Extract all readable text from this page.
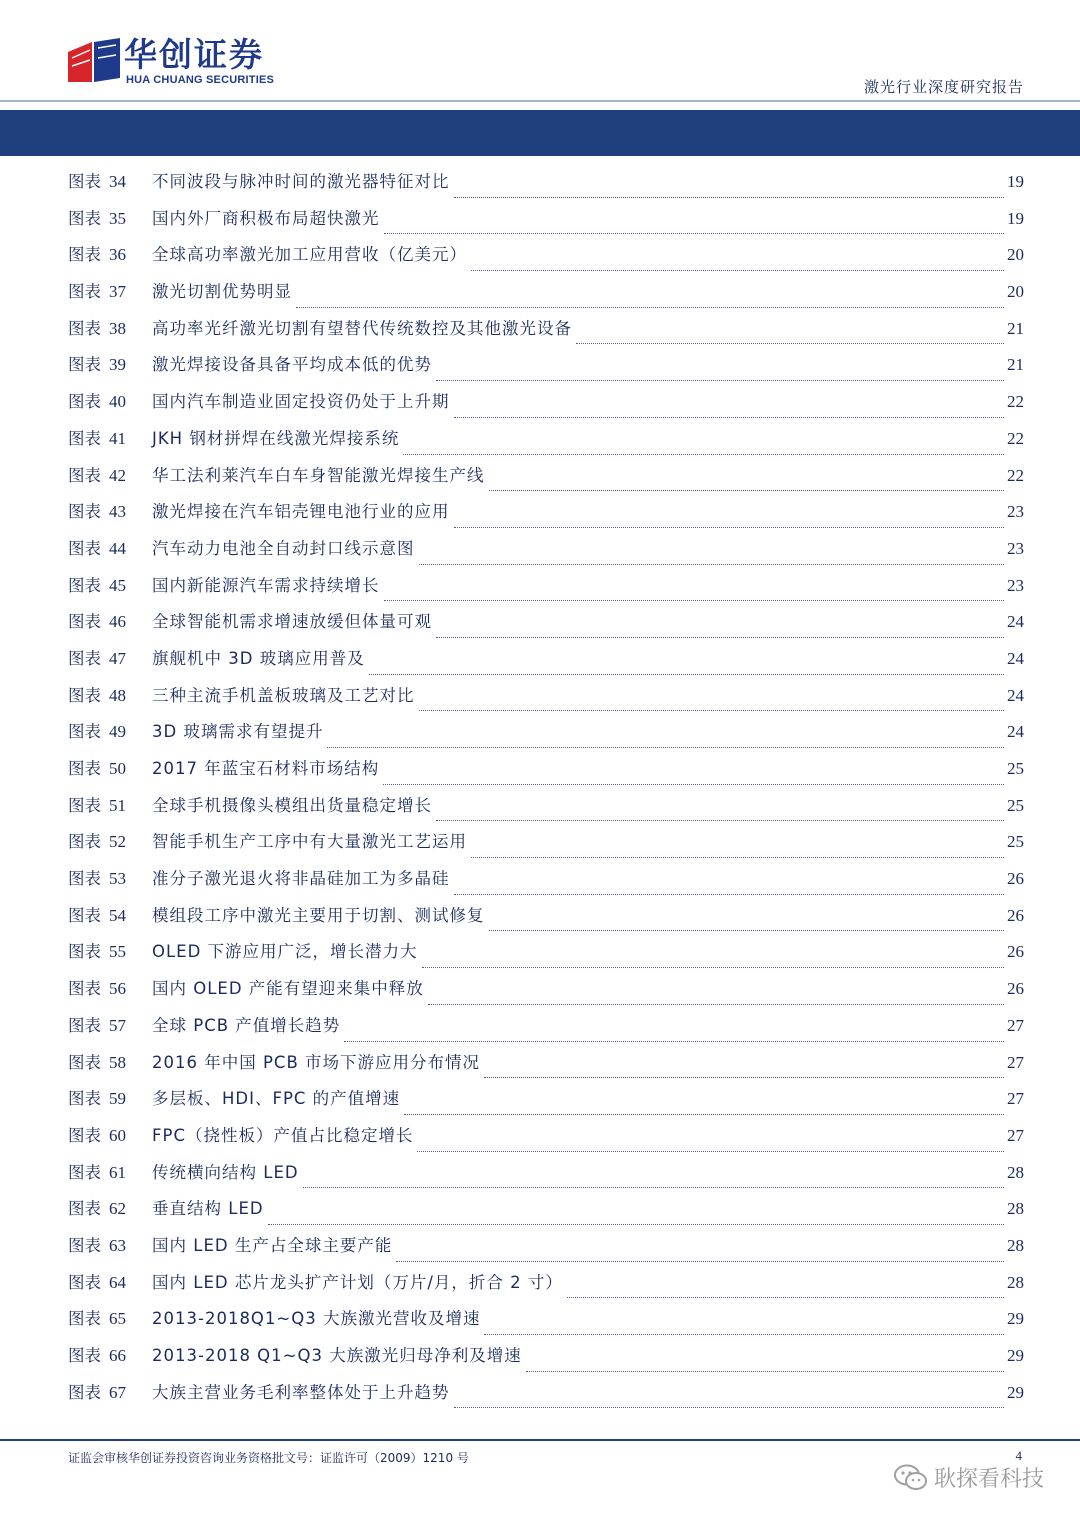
华创证券
HUA CHUANG SECURITIES	激光行业深度研究报告
图表 34	不同波段与脉冲时间的激光器特征对比	19
图表 35	国内外厂商积极布局超快激光	19
图表 36	全球高功率激光加工应用营收（亿美元）	20
图表 37	激光切割优势明显	20
图表 38	高功率光纤激光切割有望替代传统数控及其他激光设备	21
图表 39	激光焊接设备具备平均成本低的优势	21
图表 40	国内汽车制造业固定投资仍处于上升期	22
图表 41	JKH 钢材拼焊在线激光焊接系统	22
图表 42	华工法利莱汽车白车身智能激光焊接生产线	22
图表 43	激光焊接在汽车铝壳锂电池行业的应用	23
图表 44	汽车动力电池全自动封口线示意图	23
图表 45	国内新能源汽车需求持续增长	23
图表 46	全球智能机需求增速放缓但体量可观	24
图表 47	旗舰机中 3D 玻璃应用普及	24
图表 48	三种主流手机盖板玻璃及工艺对比	24
图表 49	3D 玻璃需求有望提升	24
图表 50	2017 年蓝宝石材料市场结构	25
图表 51	全球手机摄像头模组出货量稳定增长	25
图表 52	智能手机生产工序中有大量激光工艺运用	25
图表 53	准分子激光退火将非晶硅加工为多晶硅	26
图表 54	模组段工序中激光主要用于切割、测试修复	26
图表 55	OLED 下游应用广泛，增长潜力大	26
图表 56	国内 OLED 产能有望迎来集中释放	26
图表 57	全球 PCB 产值增长趋势	27
图表 58	2016 年中国 PCB 市场下游应用分布情况	27
图表 59	多层板、HDI、FPC 的产值增速	27
图表 60	FPC（挠性板）产值占比稳定增长	27
图表 61	传统横向结构 LED	28
图表 62	垂直结构 LED	28
图表 63	国内 LED 生产占全球主要产能	28
图表 64	国内 LED 芯片龙头扩产计划（万片/月，折合 2 寸）	28
图表 65	2013-2018Q1~Q3 大族激光营收及增速	29
图表 66	2013-2018 Q1~Q3 大族激光归母净利及增速	29
图表 67	大族主营业务毛利率整体处于上升趋势	29
证监会审核华创证券投资咨询业务资格批文号：证监许可（2009）1210 号	4
耿探看科技
